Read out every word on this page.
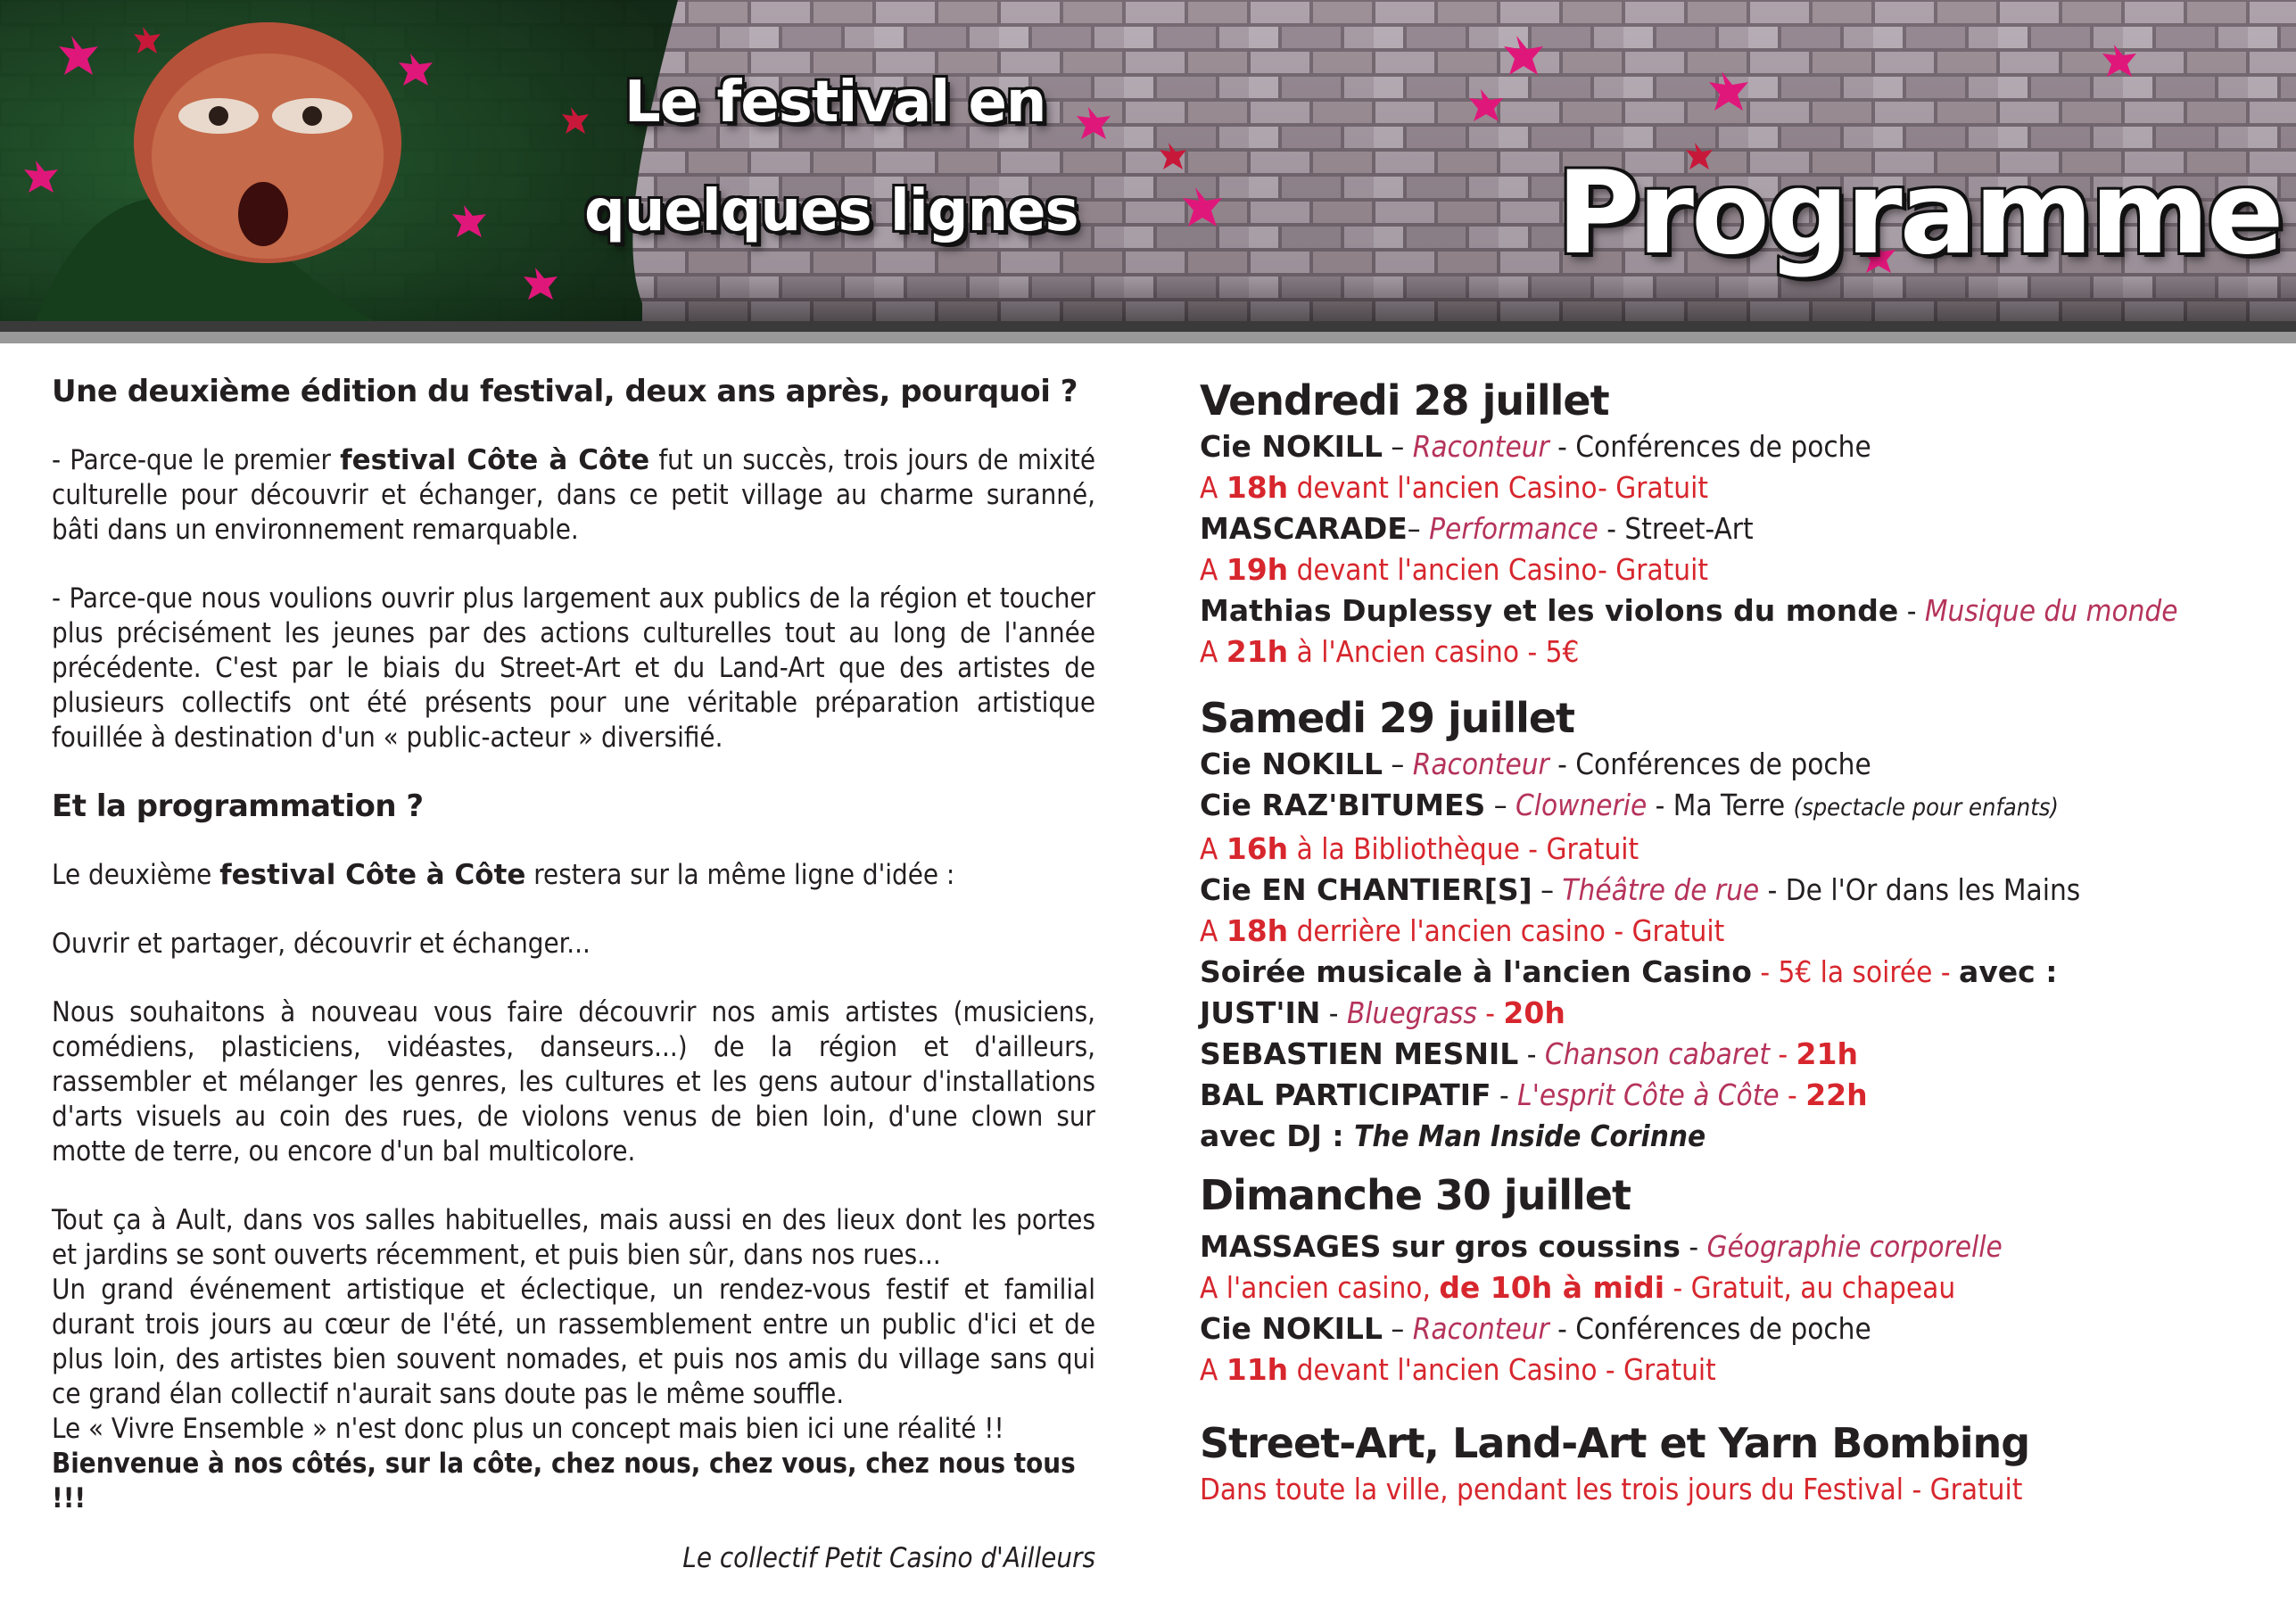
Le festival en
quelques lignes	Programme

Une deuxième édition du festival, deux ans après, pourquoi ?

- Parce-que le premier festival Côte à Côte fut un succès, trois jours de mixité culturelle pour découvrir et échanger, dans ce petit village au charme suranné, bâti dans un environnement remarquable.

- Parce-que nous voulions ouvrir plus largement aux publics de la région et toucher plus précisément les jeunes par des actions culturelles tout au long de l'année précédente. C'est par le biais du Street-Art et du Land-Art que des artistes de plusieurs collectifs ont été présents pour une véritable préparation artistique fouillée à destination d'un « public-acteur » diversifié.

Et la programmation ?

Le deuxième festival Côte à Côte restera sur la même ligne d'idée :

Ouvrir et partager, découvrir et échanger...

Nous souhaitons à nouveau vous faire découvrir nos amis artistes (musiciens, comédiens, plasticiens, vidéastes, danseurs...) de la région et d'ailleurs, rassembler et mélanger les genres, les cultures et les gens autour d'installations d'arts visuels au coin des rues, de violons venus de bien loin, d'une clown sur motte de terre, ou encore d'un bal multicolore.

Tout ça à Ault, dans vos salles habituelles, mais aussi en des lieux dont les portes et jardins se sont ouverts récemment, et puis bien sûr, dans nos rues...

Un grand événement artistique et éclectique, un rendez-vous festif et familial durant trois jours au cœur de l'été, un rassemblement entre un public d'ici et de plus loin, des artistes bien souvent nomades, et puis nos amis du village sans qui ce grand élan collectif n'aurait sans doute pas le même souffle.

Le « Vivre Ensemble » n'est donc plus un concept mais bien ici une réalité !!

Bienvenue à nos côtés, sur la côte, chez nous, chez vous, chez nous tous !!!

Le collectif Petit Casino d'Ailleurs

Vendredi 28 juillet
Cie NOKILL – Raconteur - Conférences de poche
A 18h devant l'ancien Casino- Gratuit
MASCARADE– Performance - Street-Art
A 19h devant l'ancien Casino- Gratuit
Mathias Duplessy et les violons du monde - Musique du monde
A 21h à l'Ancien casino - 5€
Samedi 29 juillet
Cie NOKILL – Raconteur - Conférences de poche
Cie RAZ'BITUMES – Clownerie - Ma Terre (spectacle pour enfants)
A 16h à la Bibliothèque - Gratuit
Cie EN CHANTIER[S] – Théâtre de rue - De l'Or dans les Mains
A 18h derrière l'ancien casino - Gratuit
Soirée musicale à l'ancien Casino - 5€ la soirée - avec :
JUST'IN - Bluegrass - 20h
SEBASTIEN MESNIL - Chanson cabaret - 21h
BAL PARTICIPATIF - L'esprit Côte à Côte - 22h
avec DJ : The Man Inside Corinne
Dimanche 30 juillet
MASSAGES sur gros coussins - Géographie corporelle
A l'ancien casino, de 10h à midi - Gratuit, au chapeau
Cie NOKILL – Raconteur - Conférences de poche
A 11h devant l'ancien Casino - Gratuit
Street-Art, Land-Art et Yarn Bombing
Dans toute la ville, pendant les trois jours du Festival - Gratuit
